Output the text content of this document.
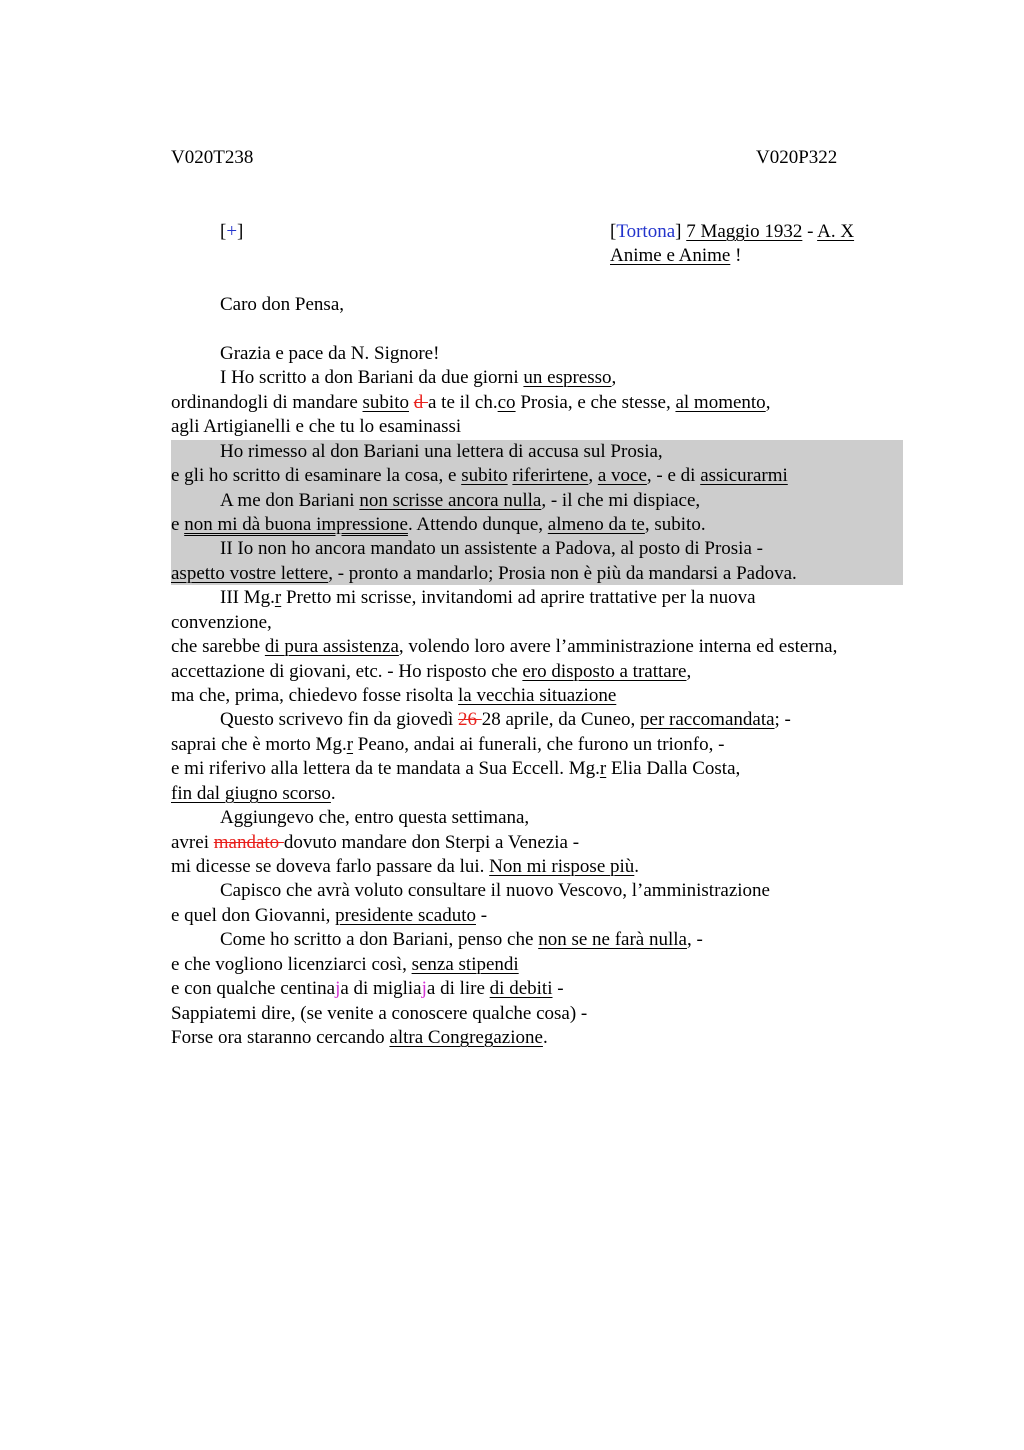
V020T238	V020P322
[+]	[Tortona] 7 Maggio 1932 - A. X
Anime e Anime !
Caro don Pensa,
Grazia e pace da N. Signore!
I Ho scritto a don Bariani da due giorni un espresso,
ordinandogli di mandare subito d a te il ch.co Prosia, e che stesse, al momento,
agli Artigianelli e che tu lo esaminassi
Ho rimesso al don Bariani una lettera di accusa sul Prosia,
e gli ho scritto di esaminare la cosa, e subito riferirtene, a voce, - e di assicurarmi
A me don Bariani non scrisse ancora nulla, - il che mi dispiace,
e non mi dà buona impressione. Attendo dunque, almeno da te, subito.
II Io non ho ancora mandato un assistente a Padova, al posto di Prosia -
aspetto vostre lettere, - pronto a mandarlo; Prosia non è più da mandarsi a Padova.
III Mg.r Pretto mi scrisse, invitandomi ad aprire trattative per la nuova
convenzione,
che sarebbe di pura assistenza, volendo loro avere l’amministrazione interna ed esterna,
accettazione di giovani, etc. - Ho risposto che ero disposto a trattare,
ma che, prima, chiedevo fosse risolta la vecchia situazione
Questo scrivevo fin da giovedì 26 28 aprile, da Cuneo, per raccomandata; -
saprai che è morto Mg.r Peano, andai ai funerali, che furono un trionfo, -
e mi riferivo alla lettera da te mandata a Sua Eccell. Mg.r Elia Dalla Costa,
fin dal giugno scorso.
Aggiungevo che, entro questa settimana,
avrei mandato dovuto mandare don Sterpi a Venezia -
mi dicesse se doveva farlo passare da lui. Non mi rispose più.
Capisco che avrà voluto consultare il nuovo Vescovo, l’amministrazione
e quel don Giovanni, presidente scaduto -
Come ho scritto a don Bariani, penso che non se ne farà nulla, -
e che vogliono licenziarci così, senza stipendi
e con qualche centinaja di migliaja di lire di debiti -
Sappiatemi dire, (se venite a conoscere qualche cosa) -
Forse ora staranno cercando altra Congregazione.
